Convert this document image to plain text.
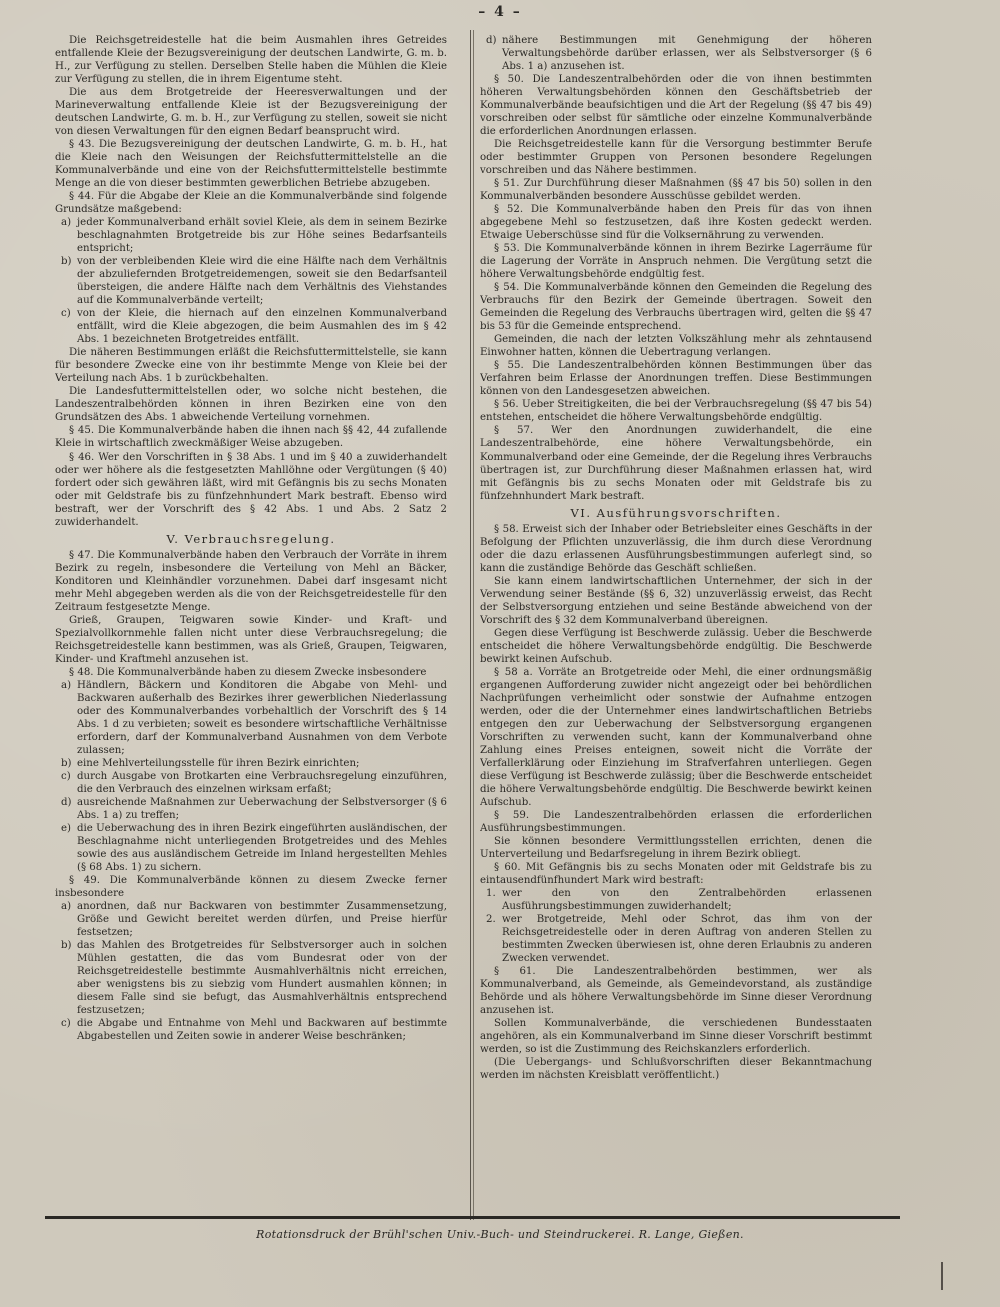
– 4 –

Die Reichsgetreidestelle hat die beim Ausmahlen ihres Getreides entfallende Kleie der Bezugsvereinigung der deutschen Landwirte, G. m. b. H., zur Verfügung zu stellen. Derselben Stelle haben die Mühlen die Kleie zur Verfügung zu stellen, die in ihrem Eigentume steht.

Die aus dem Brotgetreide der Heeresverwaltungen und der Marineverwaltung entfallende Kleie ist der Bezugsvereinigung der deutschen Landwirte, G. m. b. H., zur Verfügung zu stellen, soweit sie nicht von diesen Verwaltungen für den eignen Bedarf beansprucht wird.

§ 43. Die Bezugsvereinigung der deutschen Landwirte, G. m. b. H., hat die Kleie nach den Weisungen der Reichsfuttermittelstelle an die Kommunalverbände und eine von der Reichsfuttermittelstelle bestimmte Menge an die von dieser bestimmten gewerblichen Betriebe abzugeben.

§ 44. Für die Abgabe der Kleie an die Kommunalverbände sind folgende Grundsätze maßgebend:

a) jeder Kommunalverband erhält soviel Kleie, als dem in seinem Bezirke beschlagnahmten Brotgetreide bis zur Höhe seines Bedarfsanteils entspricht;

b) von der verbleibenden Kleie wird die eine Hälfte nach dem Verhältnis der abzuliefernden Brotgetreidemengen, soweit sie den Bedarfsanteil übersteigen, die andere Hälfte nach dem Verhältnis des Viehstandes auf die Kommunalverbände verteilt;

c) von der Kleie, die hiernach auf den einzelnen Kommunalverband entfällt, wird die Kleie abgezogen, die beim Ausmahlen des im § 42 Abs. 1 bezeichneten Brotgetreides entfällt.

Die näheren Bestimmungen erläßt die Reichsfuttermittelstelle, sie kann für besondere Zwecke eine von ihr bestimmte Menge von Kleie bei der Verteilung nach Abs. 1 b zurückbehalten.

Die Landesfuttermittelstellen oder, wo solche nicht bestehen, die Landeszentralbehörden können in ihren Bezirken eine von den Grundsätzen des Abs. 1 abweichende Verteilung vornehmen.

§ 45. Die Kommunalverbände haben die ihnen nach §§ 42, 44 zufallende Kleie in wirtschaftlich zweckmäßiger Weise abzugeben.

§ 46. Wer den Vorschriften in § 38 Abs. 1 und im § 40 a zuwiderhandelt oder wer höhere als die festgesetzten Mahllöhne oder Vergütungen (§ 40) fordert oder sich gewähren läßt, wird mit Gefängnis bis zu sechs Monaten oder mit Geldstrafe bis zu fünfzehnhundert Mark bestraft. Ebenso wird bestraft, wer der Vorschrift des § 42 Abs. 1 und Abs. 2 Satz 2 zuwiderhandelt.

V. Verbrauchsregelung.

§ 47. Die Kommunalverbände haben den Verbrauch der Vorräte in ihrem Bezirk zu regeln, insbesondere die Verteilung von Mehl an Bäcker, Konditoren und Kleinhändler vorzunehmen. Dabei darf insgesamt nicht mehr Mehl abgegeben werden als die von der Reichsgetreidestelle für den Zeitraum festgesetzte Menge.

Grieß, Graupen, Teigwaren sowie Kinder- und Kraft- und Spezialvollkornmehle fallen nicht unter diese Verbrauchsregelung; die Reichsgetreidestelle kann bestimmen, was als Grieß, Graupen, Teigwaren, Kinder- und Kraftmehl anzusehen ist.

§ 48. Die Kommunalverbände haben zu diesem Zwecke insbesondere

a) Händlern, Bäckern und Konditoren die Abgabe von Mehl- und Backwaren außerhalb des Bezirkes ihrer gewerblichen Niederlassung oder des Kommunalverbandes vorbehaltlich der Vorschrift des § 14 Abs. 1 d zu verbieten; soweit es besondere wirtschaftliche Verhältnisse erfordern, darf der Kommunalverband Ausnahmen von dem Verbote zulassen;

b) eine Mehlverteilungsstelle für ihren Bezirk einrichten;

c) durch Ausgabe von Brotkarten eine Verbrauchsregelung einzuführen, die den Verbrauch des einzelnen wirksam erfaßt;

d) ausreichende Maßnahmen zur Ueberwachung der Selbstversorger (§ 6 Abs. 1 a) zu treffen;

e) die Ueberwachung des in ihren Bezirk eingeführten ausländischen, der Beschlagnahme nicht unterliegenden Brotgetreides und des Mehles sowie des aus ausländischem Getreide im Inland hergestellten Mehles (§ 68 Abs. 1) zu sichern.

§ 49. Die Kommunalverbände können zu diesem Zwecke ferner insbesondere

a) anordnen, daß nur Backwaren von bestimmter Zusammensetzung, Größe und Gewicht bereitet werden dürfen, und Preise hierfür festsetzen;

b) das Mahlen des Brotgetreides für Selbstversorger auch in solchen Mühlen gestatten, die das vom Bundesrat oder von der Reichsgetreidestelle bestimmte Ausmahlverhältnis nicht erreichen, aber wenigstens bis zu siebzig vom Hundert ausmahlen können; in diesem Falle sind sie befugt, das Ausmahlverhältnis entsprechend festzusetzen;

c) die Abgabe und Entnahme von Mehl und Backwaren auf bestimmte Abgabestellen und Zeiten sowie in anderer Weise beschränken;

d) nähere Bestimmungen mit Genehmigung der höheren Verwaltungsbehörde darüber erlassen, wer als Selbstversorger (§ 6 Abs. 1 a) anzusehen ist.

§ 50. Die Landeszentralbehörden oder die von ihnen bestimmten höheren Verwaltungsbehörden können den Geschäftsbetrieb der Kommunalverbände beaufsichtigen und die Art der Regelung (§§ 47 bis 49) vorschreiben oder selbst für sämtliche oder einzelne Kommunalverbände die erforderlichen Anordnungen erlassen.

Die Reichsgetreidestelle kann für die Versorgung bestimmter Berufe oder bestimmter Gruppen von Personen besondere Regelungen vorschreiben und das Nähere bestimmen.

§ 51. Zur Durchführung dieser Maßnahmen (§§ 47 bis 50) sollen in den Kommunalverbänden besondere Ausschüsse gebildet werden.

§ 52. Die Kommunalverbände haben den Preis für das von ihnen abgegebene Mehl so festzusetzen, daß ihre Kosten gedeckt werden. Etwaige Ueberschüsse sind für die Volksernährung zu verwenden.

§ 53. Die Kommunalverbände können in ihrem Bezirke Lagerräume für die Lagerung der Vorräte in Anspruch nehmen. Die Vergütung setzt die höhere Verwaltungsbehörde endgültig fest.

§ 54. Die Kommunalverbände können den Gemeinden die Regelung des Verbrauchs für den Bezirk der Gemeinde übertragen. Soweit den Gemeinden die Regelung des Verbrauchs übertragen wird, gelten die §§ 47 bis 53 für die Gemeinde entsprechend.

Gemeinden, die nach der letzten Volkszählung mehr als zehntausend Einwohner hatten, können die Uebertragung verlangen.

§ 55. Die Landeszentralbehörden können Bestimmungen über das Verfahren beim Erlasse der Anordnungen treffen. Diese Bestimmungen können von den Landesgesetzen abweichen.

§ 56. Ueber Streitigkeiten, die bei der Verbrauchsregelung (§§ 47 bis 54) entstehen, entscheidet die höhere Verwaltungsbehörde endgültig.

§ 57. Wer den Anordnungen zuwiderhandelt, die eine Landeszentralbehörde, eine höhere Verwaltungsbehörde, ein Kommunalverband oder eine Gemeinde, der die Regelung ihres Verbrauchs übertragen ist, zur Durchführung dieser Maßnahmen erlassen hat, wird mit Gefängnis bis zu sechs Monaten oder mit Geldstrafe bis zu fünfzehnhundert Mark bestraft.

VI. Ausführungsvorschriften.

§ 58. Erweist sich der Inhaber oder Betriebsleiter eines Geschäfts in der Befolgung der Pflichten unzuverlässig, die ihm durch diese Verordnung oder die dazu erlassenen Ausführungsbestimmungen auferlegt sind, so kann die zuständige Behörde das Geschäft schließen.

Sie kann einem landwirtschaftlichen Unternehmer, der sich in der Verwendung seiner Bestände (§§ 6, 32) unzuverlässig erweist, das Recht der Selbstversorgung entziehen und seine Bestände abweichend von der Vorschrift des § 32 dem Kommunalverband übereignen.

Gegen diese Verfügung ist Beschwerde zulässig. Ueber die Beschwerde entscheidet die höhere Verwaltungsbehörde endgültig. Die Beschwerde bewirkt keinen Aufschub.

§ 58 a. Vorräte an Brotgetreide oder Mehl, die einer ordnungsmäßig ergangenen Aufforderung zuwider nicht angezeigt oder bei behördlichen Nachprüfungen verheimlicht oder sonstwie der Aufnahme entzogen werden, oder die der Unternehmer eines landwirtschaftlichen Betriebs entgegen den zur Ueberwachung der Selbstversorgung ergangenen Vorschriften zu verwenden sucht, kann der Kommunalverband ohne Zahlung eines Preises enteignen, soweit nicht die Vorräte der Verfallerklärung oder Einziehung im Strafverfahren unterliegen. Gegen diese Verfügung ist Beschwerde zulässig; über die Beschwerde entscheidet die höhere Verwaltungsbehörde endgültig. Die Beschwerde bewirkt keinen Aufschub.

§ 59. Die Landeszentralbehörden erlassen die erforderlichen Ausführungsbestimmungen.

Sie können besondere Vermittlungsstellen errichten, denen die Unterverteilung und Bedarfsregelung in ihrem Bezirk obliegt.

§ 60. Mit Gefängnis bis zu sechs Monaten oder mit Geldstrafe bis zu eintausendfünfhundert Mark wird bestraft:

1. wer den von den Zentralbehörden erlassenen Ausführungsbestimmungen zuwiderhandelt;

2. wer Brotgetreide, Mehl oder Schrot, das ihm von der Reichsgetreidestelle oder in deren Auftrag von anderen Stellen zu bestimmten Zwecken überwiesen ist, ohne deren Erlaubnis zu anderen Zwecken verwendet.

§ 61. Die Landeszentralbehörden bestimmen, wer als Kommunalverband, als Gemeinde, als Gemeindevorstand, als zuständige Behörde und als höhere Verwaltungsbehörde im Sinne dieser Verordnung anzusehen ist.

Sollen Kommunalverbände, die verschiedenen Bundesstaaten angehören, als ein Kommunalverband im Sinne dieser Vorschrift bestimmt werden, so ist die Zustimmung des Reichskanzlers erforderlich.

(Die Uebergangs- und Schlußvorschriften dieser Bekanntmachung werden im nächsten Kreisblatt veröffentlicht.)

Rotationsdruck der Brühl'schen Univ.-Buch- und Steindruckerei. R. Lange, Gießen.
